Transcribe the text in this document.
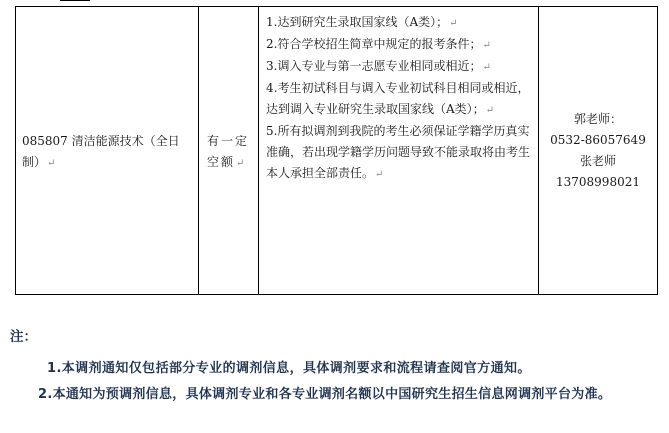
085807 清洁能源技术（全日制）↵
有一定空额↵
1.达到研究生录取国家线（A类）；↵
2.符合学校招生简章中规定的报考条件；↵
3.调入专业与第一志愿专业相同或相近；↵
4.考生初试科目与调入专业初试科目相同或相近，达到调入专业研究生录取国家线（A类）；↵
5.所有拟调剂到我院的考生必须保证学籍学历真实准确，若出现学籍学历问题导致不能录取将由考生本人承担全部责任。↵
郭老师：
0532-86057649
张老师
13708998021
注：
1.本调剂通知仅包括部分专业的调剂信息，具体调剂要求和流程请查阅官方通知。
2.本通知为预调剂信息，具体调剂专业和各专业调剂名额以中国研究生招生信息网调剂平台为准。
